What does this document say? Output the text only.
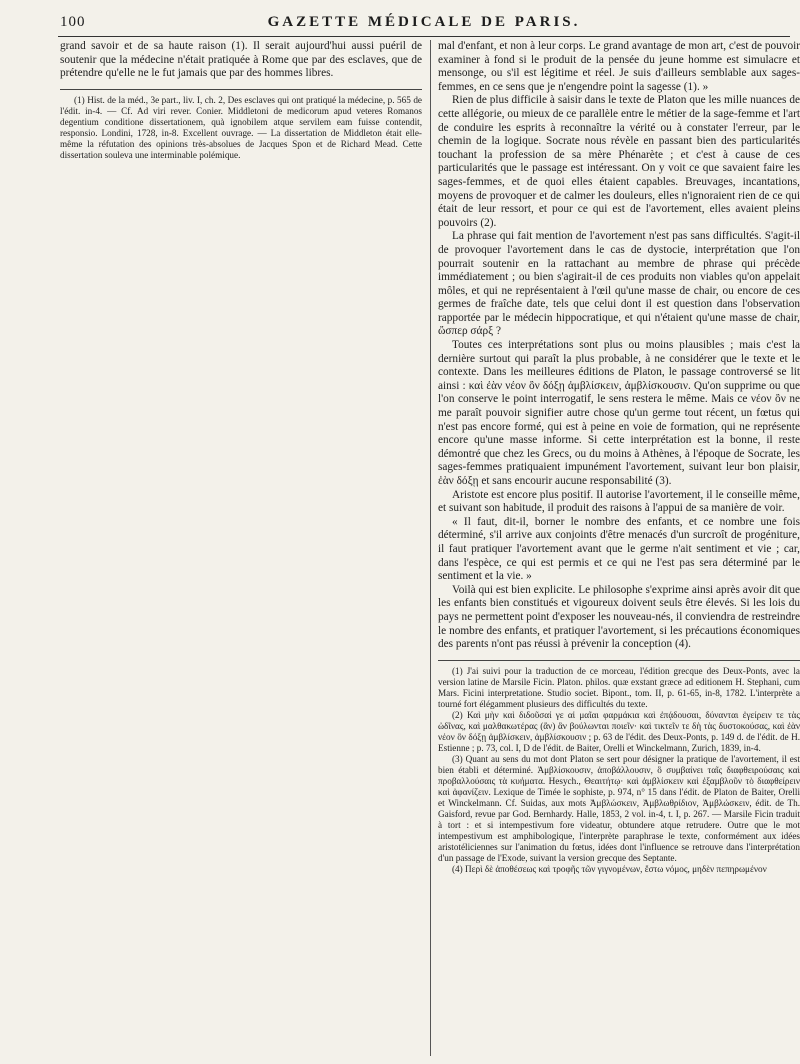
100	GAZETTE MÉDICALE DE PARIS.

grand savoir et de sa haute raison (1). Il serait aujourd'hui aussi puéril de soutenir que la médecine n'était pratiquée à Rome que par des esclaves, que de prétendre qu'elle ne le fut jamais que par des hommes libres.

(1) Hist. de la méd., 3e part., liv. I, ch. 2, Des esclaves qui ont pratiqué la médecine, p. 565 de l'édit. in-4. — Cf. Ad viri rever. Conier. Middletoni de medicorum apud veteres Romanos degentium conditione dissertationem, quà ignobilem atque servilem eam fuisse contendit, responsio. Londini, 1728, in-8. Excellent ouvrage. — La dissertation de Middleton était elle-même la réfutation des opinions très-absolues de Jacques Spon et de Richard Mead. Cette dissertation souleva une interminable polémique.

mal d'enfant, et non à leur corps. Le grand avantage de mon art, c'est de pouvoir examiner à fond si le produit de la pensée du jeune homme est simulacre et mensonge, ou s'il est légitime et réel. Je suis d'ailleurs semblable aux sages-femmes, en ce sens que je n'engendre point la sagesse (1). »

Rien de plus difficile à saisir dans le texte de Platon que les mille nuances de cette allégorie, ou mieux de ce parallèle entre le métier de la sage-femme et l'art de conduire les esprits à reconnaître la vérité ou à constater l'erreur, par le chemin de la logique. Socrate nous révèle en passant bien des particularités touchant la profession de sa mère Phénarète ; et c'est à cause de ces particularités que le passage est intéressant. On y voit ce que savaient faire les sages-femmes, et de quoi elles étaient capables. Breuvages, incantations, moyens de provoquer et de calmer les douleurs, elles n'ignoraient rien de ce qui était de leur ressort, et pour ce qui est de l'avortement, elles avaient pleins pouvoirs (2).

La phrase qui fait mention de l'avortement n'est pas sans difficultés. S'agit-il de provoquer l'avortement dans le cas de dystocie, interprétation que l'on pourrait soutenir en la rattachant au membre de phrase qui précède immédiatement ; ou bien s'agirait-il de ces produits non viables qu'on appelait môles, et qui ne représentaient à l'œil qu'une masse de chair, ou encore de ces germes de fraîche date, tels que celui dont il est question dans l'observation rapportée par le médecin hippocratique, et qui n'étaient qu'une masse de chair, ὥσπερ σάρξ ?

Toutes ces interprétations sont plus ou moins plausibles ; mais c'est la dernière surtout qui paraît la plus probable, à ne considérer que le texte et le contexte. Dans les meilleures éditions de Platon, le passage controversé se lit ainsi : καὶ ἐὰν νέον ὂν δόξῃ ἀμβλίσκειν, ἀμβλίσκουσιν. Qu'on supprime ou que l'on conserve le point interrogatif, le sens restera le même. Mais ce νέον ὂν ne me paraît pouvoir signifier autre chose qu'un germe tout récent, un fœtus qui n'est pas encore formé, qui est à peine en voie de formation, qui ne représente encore qu'une masse informe. Si cette interprétation est la bonne, il reste démontré que chez les Grecs, ou du moins à Athènes, à l'époque de Socrate, les sages-femmes pratiquaient impunément l'avortement, suivant leur bon plaisir, ἐὰν δόξῃ et sans encourir aucune responsabilité (3).

Aristote est encore plus positif. Il autorise l'avortement, il le conseille même, et suivant son habitude, il produit des raisons à l'appui de sa manière de voir.

« Il faut, dit-il, borner le nombre des enfants, et ce nombre une fois déterminé, s'il arrive aux conjoints d'être menacés d'un surcroît de progéniture, il faut pratiquer l'avortement avant que le germe n'ait sentiment et vie ; car, dans l'espèce, ce qui est permis et ce qui ne l'est pas sera déterminé par le sentiment et la vie. »

Voilà qui est bien explicite. Le philosophe s'exprime ainsi après avoir dit que les enfants bien constitués et vigoureux doivent seuls être élevés. Si les lois du pays ne permettent point d'exposer les nouveau-nés, il conviendra de restreindre le nombre des enfants, et pratiquer l'avortement, si les précautions économiques des parents n'ont pas réussi à prévenir la conception (4).

(1) J'ai suivi pour la traduction de ce morceau, l'édition grecque des Deux-Ponts, avec la version latine de Marsile Ficin. Platon. philos. quæ exstant græce ad editionem H. Stephani, cum Mars. Ficini interpretatione. Studio societ. Bipont., tom. II, p. 61-65, in-8, 1782. L'interprète a tourné fort élégamment plusieurs des difficultés du texte.

(2) Καὶ μὴν καὶ διδοῦσαί γε αἱ μαῖαι φαρμάκια καὶ ἐπᾴδουσαι, δύνανται ἐγείρειν τε τὰς ὠδῖνας, καὶ μαλθακωτέρας (ἂν) ἂν βούλωνται ποιεῖν· καὶ τικτεῖν τε δὴ τὰς δυστοκούσας, καὶ ἐὰν νέον ὂν δόξῃ ἀμβλίσκειν, ἀμβλίσκουσιν ; p. 63 de l'édit. des Deux-Ponts, p. 149 d. de l'édit. de H. Estienne ; p. 73, col. I, D de l'édit. de Baiter, Orelli et Winckelmann, Zurich, 1839, in-4.

(3) Quant au sens du mot dont Platon se sert pour désigner la pratique de l'avortement, il est bien établi et déterminé. Ἀμβλίσκουσιν, ἀποβάλλουσιν, ὃ συμβαίνει ταῖς διαφθειρούσαις καὶ προβαλλούσαις τὰ κυήματα. Hesych., Θεαιτήτῳ· καὶ ἀμβλίσκειν καὶ ἐξαμβλοῦν τὸ διαφθείρειν καὶ ἀφανίζειν. Lexique de Timée le sophiste, p. 974, n° 15 dans l'édit. de Platon de Baiter, Orelli et Winckelmann. Cf. Suidas, aux mots Ἀμβλώσκειν, Ἀμβλωθρίδιον, Ἀμβλώσκειν, édit. de Th. Gaisford, revue par God. Bernhardy. Halle, 1853, 2 vol. in-4, t. I, p. 267. — Marsile Ficin traduit à tort : et si intempestivum fore videatur, obtundere atque retrudere. Outre que le mot intempestivum est amphibologique, l'interprète paraphrase le texte, conformément aux idées aristotéliciennes sur l'animation du fœtus, idées dont l'influence se retrouve dans l'interprétation d'un passage de l'Exode, suivant la version grecque des Septante.

(4) Περὶ δὲ ἀποθέσεως καὶ τροφῆς τῶν γιγνομένων, ἔστω νόμος, μηδὲν πεπηρωμένον
